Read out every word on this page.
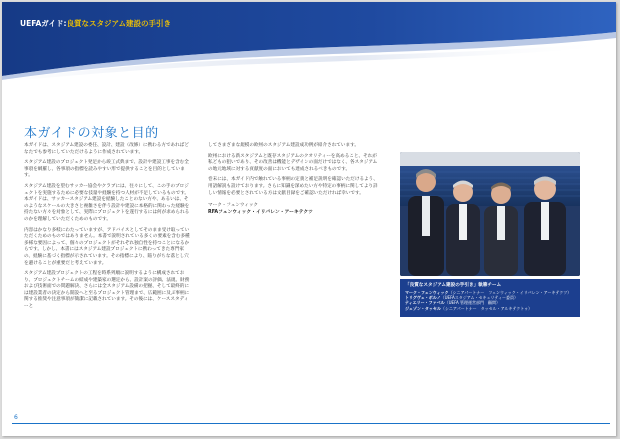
UEFAガイド:良質なスタジアム建設の手引き
本ガイドの対象と目的

本ガイドは、スタジアム建設の委任、設計、建設（改修）に携わる方であればどなたでも参考にしていただけるように作成されています。

スタジアム建設のプロジェクト発足から竣工式典まで、設計や建設工事を含む全事項を網羅し、各事項の指標を読みやすい形で提供することを目的としています。

スタジアム建設を望むサッカー協会やクラブには、往々にして、この手のプロジェクトを実施するために必要な技量や経験を持つ人材が不足しているものです。本ガイドは、サッカースタジアム建設を経験したことのない方や、あるいは、そのようなスケールの大きさと複雑さを伴う設計や建設に本格的に関わった経験を持たない方々を対象として、実際にプロジェクトを遂行するには何が求められるのかを理解していただくためのものです。

内容はかなり多岐にわたっていますが、アドバイスとしてそのまま受け取っていただくためのものではありません。本書で説明されている多くの要素を含む多種多様な要因によって、個々のプロジェクトがそれぞれ独自性を持つことになるからです。しかし、本書にはスタジアム建設プロジェクトに携わってきた専門家の、経験に基づく指標が示されています。その指標により、陥りがちな落とし穴を避けることが重要だと考えています。

スタジアム建設プロジェクトの工程を時系列順に説明するように構成されており、プロジェクトチームの結成や建築家の選定から、設計案の評価、法規、財務および技術面での問題解決、さらには全スタジアム設備の把握、そして最終的には建設業者の決定から開設へと至るプロジェクト管理まで、広範囲に及ぶ事柄に関する推奨や注意事項が簡潔に記載されています。その後には、ケーススタディーと

してさまざまな規模の欧州のスタジアム建設成功例が紹介されています。

欧州における新スタジアムと既存スタジアムのクオリティーを高めること、それが私どもの狙いであり、その改善は機能とデザインの面だけではなく、各スタジアムの地元地域に対する貢献度の面においても達成されるべきものです。

巻末には、本ガイド内で触れている事柄の定義と補足説明を確認いただけるよう、用語解説も設けております。さらに知識を深めたい方や特定の事柄に関してより詳しい情報を必要とされている方は文献目録をご確認いただければ幸いです。

マーク・フェンウィック
RFAフェンウィック・イリバレン・アーキテクツ
「良質なスタジアム建設の手引き」執筆チーム
マーク・フェンウィック（シニアパートナー　フェンウィック・イリバレン・アーキテクツ）
トリグヴェ・ボルノ（UEFAスタジアム・セキュリティー委員）
ティエリー・ファベル（UEFA 管理運営部門　顧問）
ジェゾン・タッセル（シニアパートナー　タッセル・アルキテクトゥ）
6
